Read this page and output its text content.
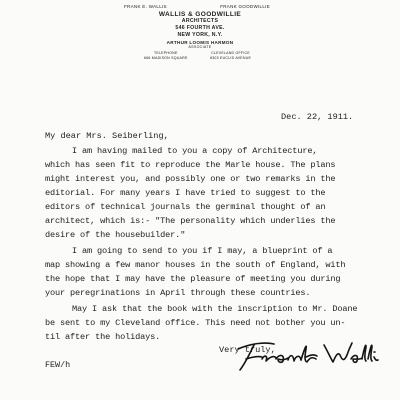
FRANK E. WALLIS	FRANK GOODWILLIE
WALLIS & GOODWILLIE
ARCHITECTS
546 FOURTH AVE.
NEW YORK, N.Y.
ARTHUR LOOMIS HARMON
ASSOCIATE
TELEPHONE
666 MADISON SQUARE
CLEVELAND OFFICE
8303 EUCLID AVENUE
Dec. 22, 1911.
My dear Mrs. Seiberling,
I am having mailed to you a copy of Architecture,
which has seen fit to reproduce the Marle house. The plans
might interest you, and possibly one or two remarks in the
editorial. For many years I have tried to suggest to the
editors of technical journals the germinal thought of an
architect, which is:- "The personality which underlies the
desire of the housebuilder."
I am going to send to you if I may, a blueprint of a
map showing a few manor houses in the south of England, with
the hope that I may have the pleasure of meeting you during
your peregrinations in April through these countries.
May I ask that the book with the inscription to Mr. Doane
be sent to my Cleveland office. This need not bother you un-
til after the holidays.
Very truly,
FEW/h
